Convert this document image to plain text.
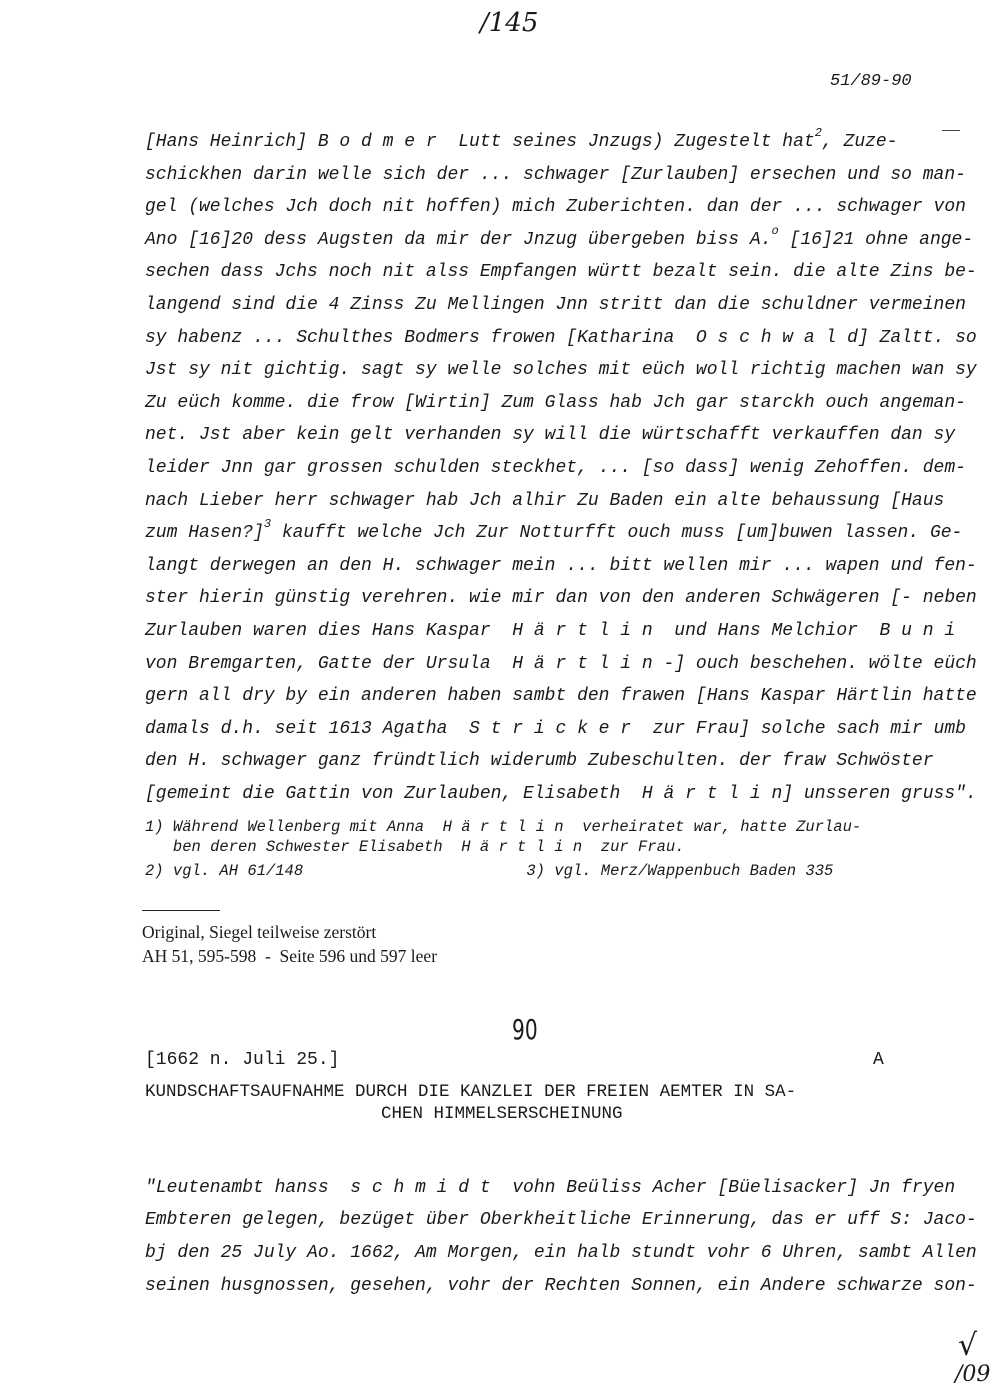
/145
51/89-90
[Hans Heinrich] B o d m e r  Lutt seines Jnzugs) Zugestelt hat$^2$, Zuze-
schickhen darin welle sich der ... schwager [Zurlauben] ersechen und so man-
gel (welches Jch doch nit hoffen) mich Zuberichten. dan der ... schwager von
Ano [16]20 dess Augsten da mir der Jnzug übergeben biss A.$^o$ [16]21 ohne ange-
sechen dass Jchs noch nit alss Empfangen württ bezalt sein. die alte Zins be-
langend sind die 4 Zinss Zu Mellingen Jnn stritt dan die schuldner vermeinen
sy habenz ... Schulthes Bodmers frowen [Katharina  O s c h w a l d] Zaltt. so
Jst sy nit gichtig. sagt sy welle solches mit eüch woll richtig machen wan sy
Zu eüch komme. die frow [Wirtin] Zum Glass hab Jch gar starckh ouch angeman-
net. Jst aber kein gelt verhanden sy will die würtschafft verkauffen dan sy
leider Jnn gar grossen schulden steckhet, ... [so dass] wenig Zehoffen. dem-
nach Lieber herr schwager hab Jch alhir Zu Baden ein alte behaussung [Haus
zum Hasen?]$^3$ kaufft welche Jch Zur Notturfft ouch muss [um]buwen lassen. Ge-
langt derwegen an den H. schwager mein ... bitt wellen mir ... wapen und fen-
ster hierin günstig verehren. wie mir dan von den anderen Schwägeren [- neben
Zurlauben waren dies Hans Kaspar  H ä r t l i n  und Hans Melchior  B u n i
von Bremgarten, Gatte der Ursula  H ä r t l i n -] ouch beschehen. wölte eüch
gern all dry by ein anderen haben sambt den frawen [Hans Kaspar Härtlin hatte
damals d.h. seit 1613 Agatha  S t r i c k e r  zur Frau] solche sach mir umb
den H. schwager ganz fründtlich widerumb Zubeschulten. der fraw Schwöster
[gemeint die Gattin von Zurlauben, Elisabeth  H ä r t l i n] unsseren gruss".
1) Während Wellenberg mit Anna  H ä r t l i n  verheiratet war, hatte Zurlau-
ben deren Schwester Elisabeth  H ä r t l i n  zur Frau.
2) vgl. AH 61/148                        3) vgl. Merz/Wappenbuch Baden 335
Original, Siegel teilweise zerstört
AH 51, 595-598  -  Seite 596 und 597 leer
90
[1662 n. Juli 25.]	A
KUNDSCHAFTSAUFNAHME DURCH DIE KANZLEI DER FREIEN AEMTER IN SA-
CHEN HIMMELSERSCHEINUNG
"Leutenambt hanss  s c h m i d t  vohn Beüliss Acher [Büelisacker] Jn fryen
Embteren gelegen, bezüget über Oberkheitliche Erinnerung, das er uff S: Jaco-
bj den 25 July Ao. 1662, Am Morgen, ein halb stundt vohr 6 Uhren, sambt Allen
seinen husgnossen, gesehen, vohr der Rechten Sonnen, ein Andere schwarze son-
√
/09
